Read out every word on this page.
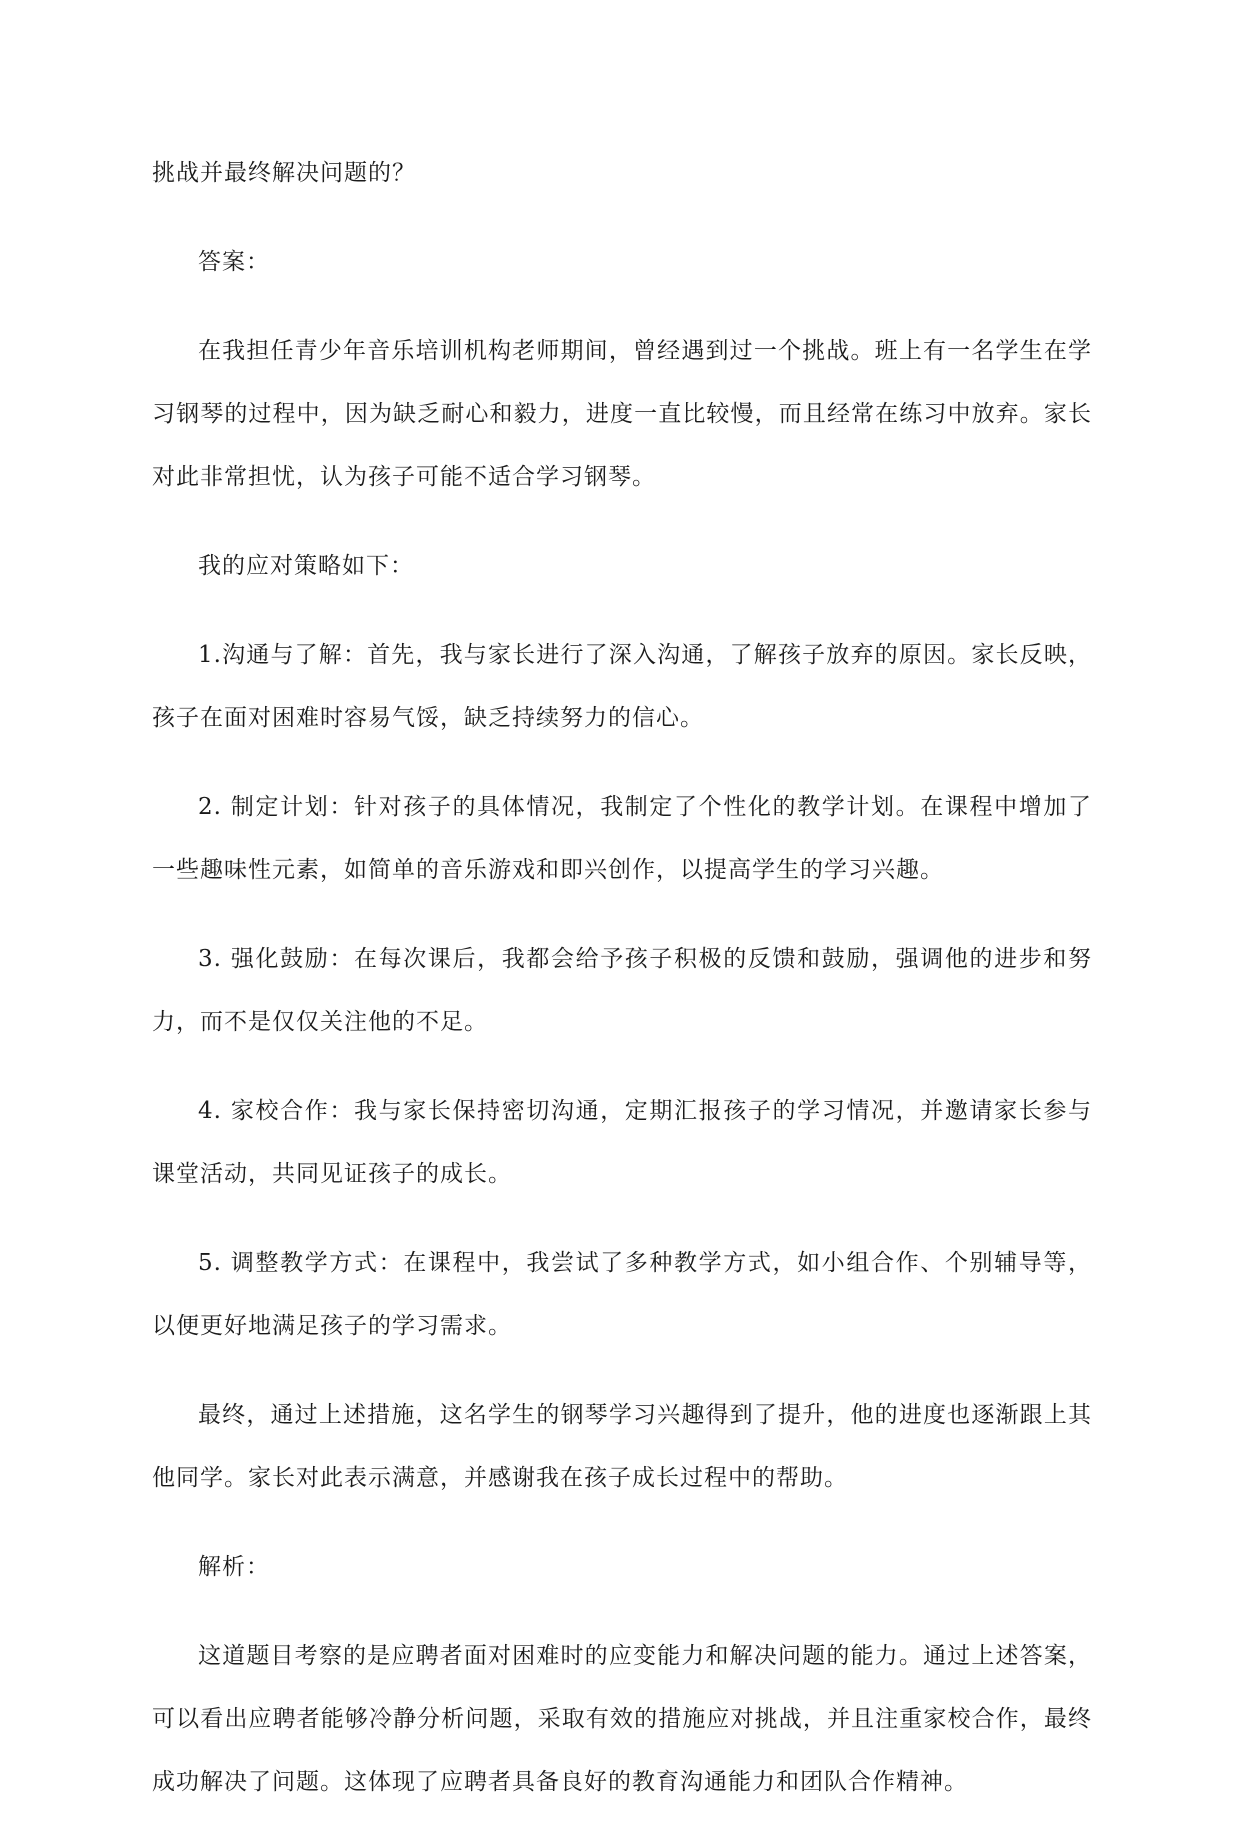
挑战并最终解决问题的？

答案：

在我担任青少年音乐培训机构老师期间，曾经遇到过一个挑战。班上有一名学生在学习钢琴的过程中，因为缺乏耐心和毅力，进度一直比较慢，而且经常在练习中放弃。家长对此非常担忧，认为孩子可能不适合学习钢琴。

我的应对策略如下：

1.沟通与了解：首先，我与家长进行了深入沟通，了解孩子放弃的原因。家长反映，孩子在面对困难时容易气馁，缺乏持续努力的信心。

2. 制定计划：针对孩子的具体情况，我制定了个性化的教学计划。在课程中增加了一些趣味性元素，如简单的音乐游戏和即兴创作，以提高学生的学习兴趣。

3. 强化鼓励：在每次课后，我都会给予孩子积极的反馈和鼓励，强调他的进步和努力，而不是仅仅关注他的不足。

4. 家校合作：我与家长保持密切沟通，定期汇报孩子的学习情况，并邀请家长参与课堂活动，共同见证孩子的成长。

5. 调整教学方式：在课程中，我尝试了多种教学方式，如小组合作、个别辅导等，以便更好地满足孩子的学习需求。

最终，通过上述措施，这名学生的钢琴学习兴趣得到了提升，他的进度也逐渐跟上其他同学。家长对此表示满意，并感谢我在孩子成长过程中的帮助。

解析：

这道题目考察的是应聘者面对困难时的应变能力和解决问题的能力。通过上述答案，可以看出应聘者能够冷静分析问题，采取有效的措施应对挑战，并且注重家校合作，最终成功解决了问题。这体现了应聘者具备良好的教育沟通能力和团队合作精神。
